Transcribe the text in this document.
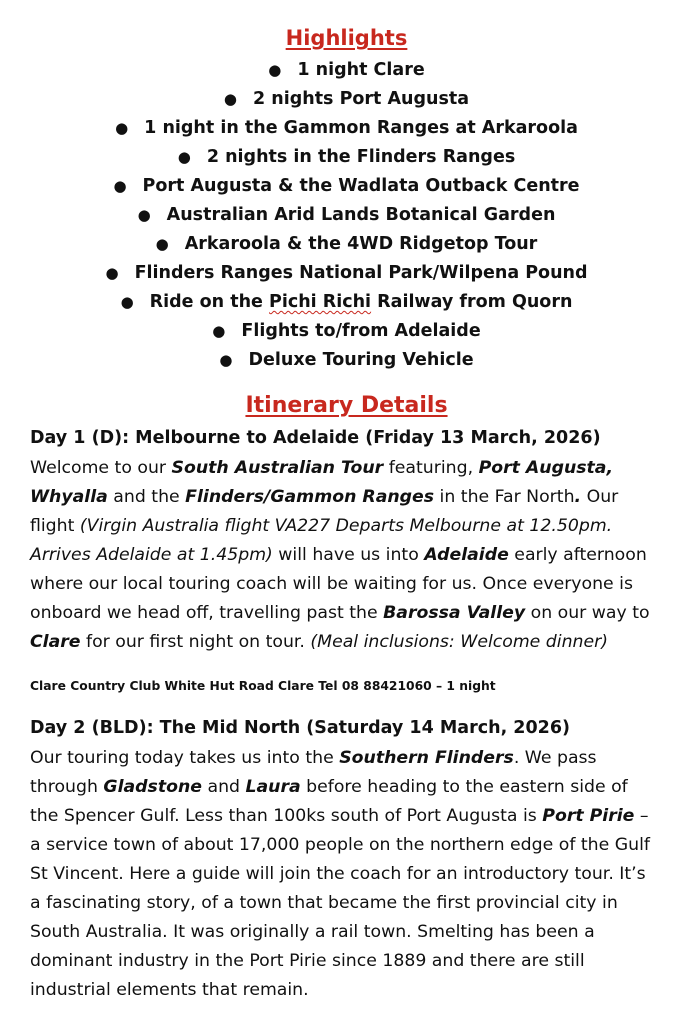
Highlights
● 1 night Clare
● 2 nights Port Augusta
● 1 night in the Gammon Ranges at Arkaroola
● 2 nights in the Flinders Ranges
● Port Augusta & the Wadlata Outback Centre
● Australian Arid Lands Botanical Garden
● Arkaroola & the 4WD Ridgetop Tour
● Flinders Ranges National Park/Wilpena Pound
● Ride on the Pichi Richi Railway from Quorn
● Flights to/from Adelaide
● Deluxe Touring Vehicle
Itinerary Details
Day 1 (D): Melbourne to Adelaide (Friday 13 March, 2026)

Welcome to our South Australian Tour featuring, Port Augusta,
Whyalla and the Flinders/Gammon Ranges in the Far North. Our
flight (Virgin Australia flight VA227 Departs Melbourne at 12.50pm.
Arrives Adelaide at 1.45pm) will have us into Adelaide early afternoon
where our local touring coach will be waiting for us. Once everyone is
onboard we head off, travelling past the Barossa Valley on our way to
Clare for our first night on tour. (Meal inclusions: Welcome dinner)

Clare Country Club White Hut Road Clare Tel 08 88421060 – 1 night
Day 2 (BLD): The Mid North (Saturday 14 March, 2026)

Our touring today takes us into the Southern Flinders. We pass
through Gladstone and Laura before heading to the eastern side of
the Spencer Gulf. Less than 100ks south of Port Augusta is Port Pirie –
a service town of about 17,000 people on the northern edge of the Gulf
St Vincent. Here a guide will join the coach for an introductory tour. It’s
a fascinating story, of a town that became the first provincial city in
South Australia. It was originally a rail town. Smelting has been a
dominant industry in the Port Pirie since 1889 and there are still
industrial elements that remain.
